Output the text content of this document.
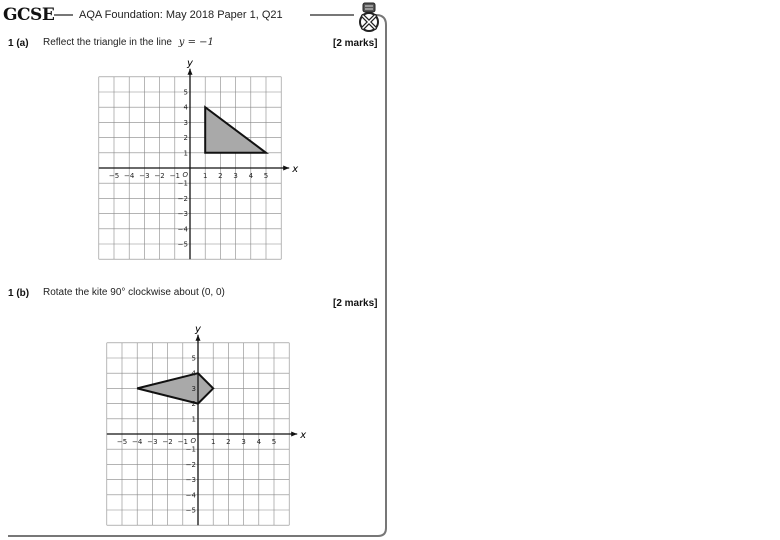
GCSE AQA Foundation: May 2018 Paper 1, Q21
1 (a) Reflect the triangle in the line y = −1	[2 marks]
x
y
−5 −4 −3 −2 −1	1 2 3 4 5
5
4
3
2
1
−1
−2
−3
−4
−5
O
1 (b) Rotate the kite 90° clockwise about (0, 0)
[2 marks]
x
y
−5 −4 −3 −2 −1	1 2 3 4 5
5
4
3
2
1
−1
−2
−3
−4
−5
O
